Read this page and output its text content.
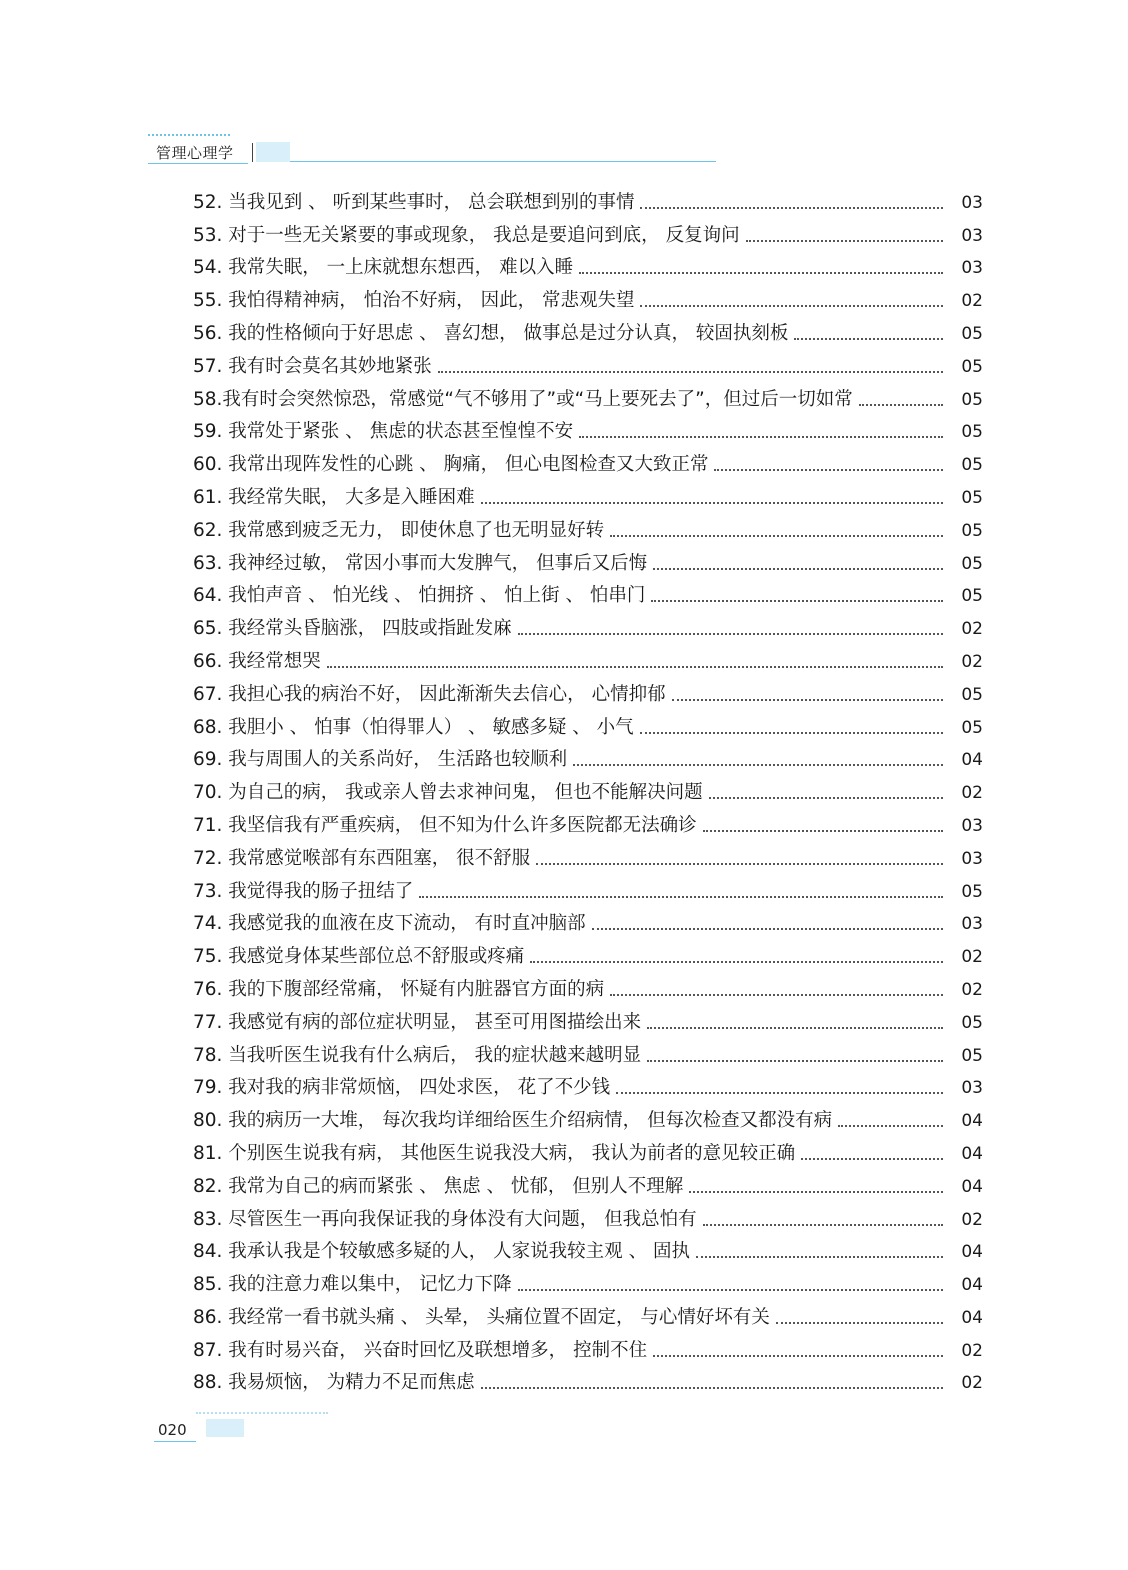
管理心理学
52. 当我见到 、 听到某些事时， 总会联想到别的事情	03
53. 对于一些无关紧要的事或现象， 我总是要追问到底， 反复询问	03
54. 我常失眠， 一上床就想东想西， 难以入睡	03
55. 我怕得精神病， 怕治不好病， 因此， 常悲观失望	02
56. 我的性格倾向于好思虑 、 喜幻想， 做事总是过分认真， 较固执刻板	05
57. 我有时会莫名其妙地紧张	05
58.我有时会突然惊恐，常感觉“气不够用了”或“马上要死去了”，但过后一切如常	05
59. 我常处于紧张 、 焦虑的状态甚至惶惶不安	05
60. 我常出现阵发性的心跳 、 胸痛， 但心电图检查又大致正常	05
61. 我经常失眠， 大多是入睡困难	05
62. 我常感到疲乏无力， 即使休息了也无明显好转	05
63. 我神经过敏， 常因小事而大发脾气， 但事后又后悔	05
64. 我怕声音 、 怕光线 、 怕拥挤 、 怕上街 、 怕串门	05
65. 我经常头昏脑涨， 四肢或指趾发麻	02
66. 我经常想哭	02
67. 我担心我的病治不好， 因此渐渐失去信心， 心情抑郁	05
68. 我胆小 、 怕事（怕得罪人） 、 敏感多疑 、 小气	05
69. 我与周围人的关系尚好， 生活路也较顺利	04
70. 为自己的病， 我或亲人曾去求神问鬼， 但也不能解决问题	02
71. 我坚信我有严重疾病， 但不知为什么许多医院都无法确诊	03
72. 我常感觉喉部有东西阻塞， 很不舒服	03
73. 我觉得我的肠子扭结了	05
74. 我感觉我的血液在皮下流动， 有时直冲脑部	03
75. 我感觉身体某些部位总不舒服或疼痛	02
76. 我的下腹部经常痛， 怀疑有内脏器官方面的病	02
77. 我感觉有病的部位症状明显， 甚至可用图描绘出来	05
78. 当我听医生说我有什么病后， 我的症状越来越明显	05
79. 我对我的病非常烦恼， 四处求医， 花了不少钱	03
80. 我的病历一大堆， 每次我均详细给医生介绍病情， 但每次检查又都没有病	04
81. 个别医生说我有病， 其他医生说我没大病， 我认为前者的意见较正确	04
82. 我常为自己的病而紧张 、 焦虑 、 忧郁， 但别人不理解	04
83. 尽管医生一再向我保证我的身体没有大问题， 但我总怕有	02
84. 我承认我是个较敏感多疑的人， 人家说我较主观 、 固执	04
85. 我的注意力难以集中， 记忆力下降	04
86. 我经常一看书就头痛 、 头晕， 头痛位置不固定， 与心情好坏有关	04
87. 我有时易兴奋， 兴奋时回忆及联想增多， 控制不住	02
88. 我易烦恼， 为精力不足而焦虑	02
020
